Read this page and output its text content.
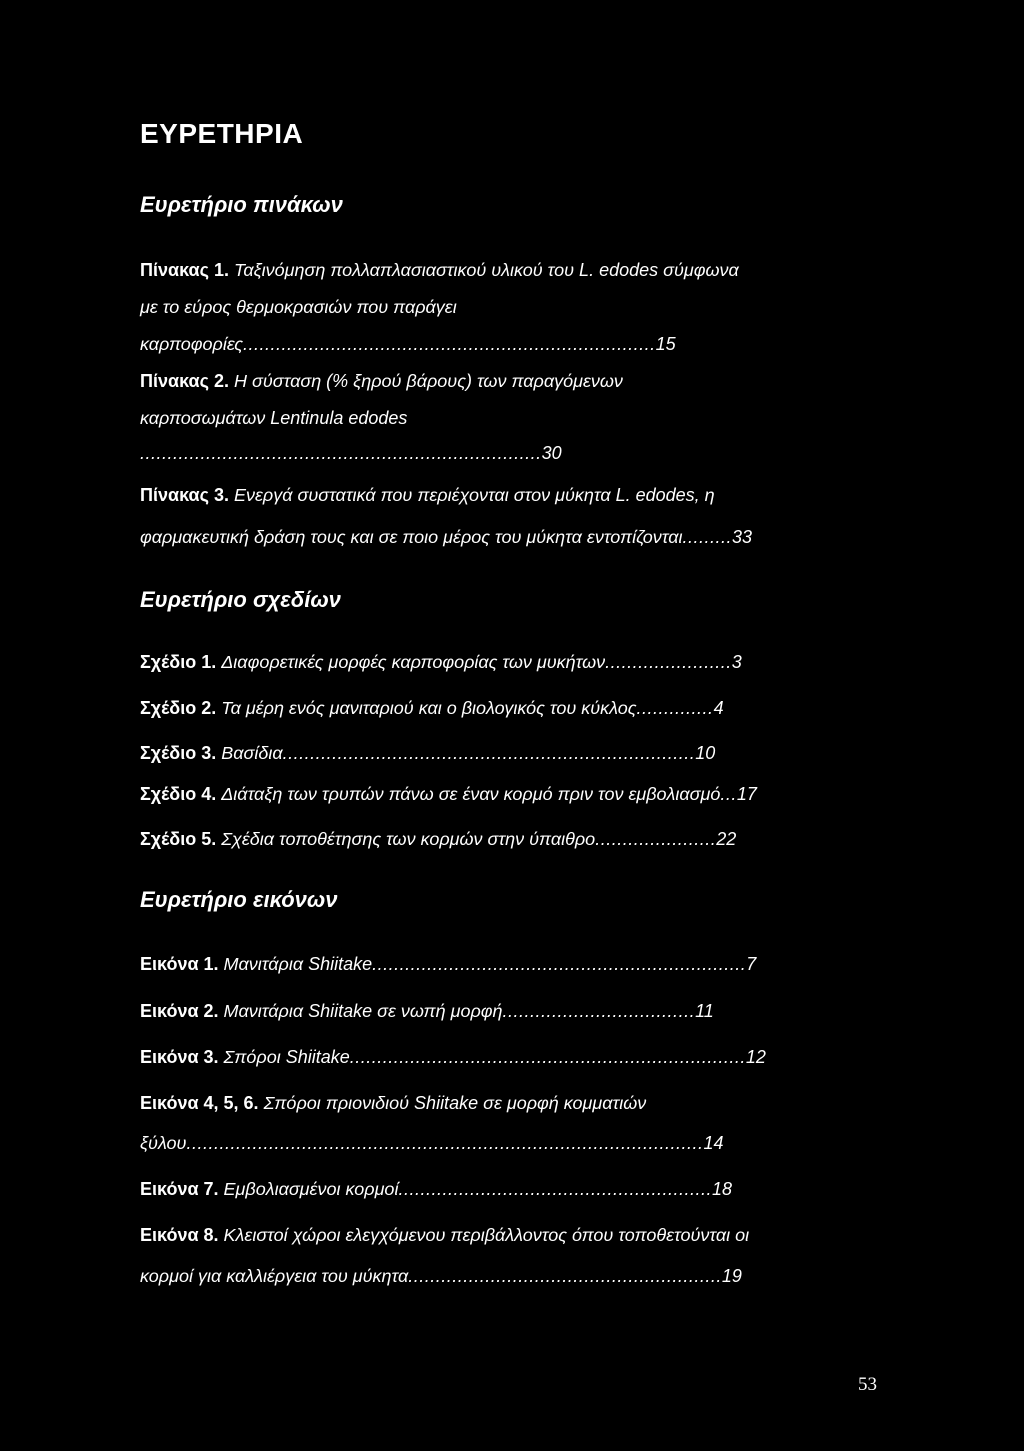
ΕΥΡΕΤΗΡΙΑ
Ευρετήριο πινάκων
Πίνακας 1. Ταξινόμηση πολλαπλασιαστικού υλικού του L. edodes σύμφωνα
με το εύρος θερμοκρασιών που παράγει
καρποφορίες...........................................................................15
Πίνακας 2. Η σύσταση (% ξηρού βάρους) των παραγόμενων
καρποσωμάτων Lentinula edodes
.........................................................................30
Πίνακας 3. Ενεργά συστατικά που περιέχονται στον μύκητα L. edodes, η
φαρμακευτική δράση τους και σε ποιο μέρος του μύκητα εντοπίζονται.........33
Ευρετήριο σχεδίων
Σχέδιο 1. Διαφορετικές μορφές καρποφορίας των μυκήτων.......................3
Σχέδιο 2. Τα μέρη ενός μανιταριού και ο βιολογικός του κύκλος..............4
Σχέδιο 3. Βασίδια...........................................................................10
Σχέδιο 4. Διάταξη των τρυπών πάνω σε έναν κορμό πριν τον εμβολιασμό...17
Σχέδιο 5. Σχέδια τοποθέτησης των κορμών στην ύπαιθρο......................22
Ευρετήριο εικόνων
Εικόνα 1. Μανιτάρια Shiitake....................................................................7
Εικόνα 2. Μανιτάρια Shiitake σε νωπή μορφή...................................11
Εικόνα 3. Σπόροι Shiitake........................................................................12
Εικόνα 4, 5, 6. Σπόροι πριονιδιού Shiitake σε μορφή κομματιών
ξύλου..............................................................................................14
Εικόνα 7. Εμβολιασμένοι κορμοί.........................................................18
Εικόνα 8. Κλειστοί χώροι ελεγχόμενου περιβάλλοντος όπου τοποθετούνται οι
κορμοί για καλλιέργεια του μύκητα.........................................................19
53
